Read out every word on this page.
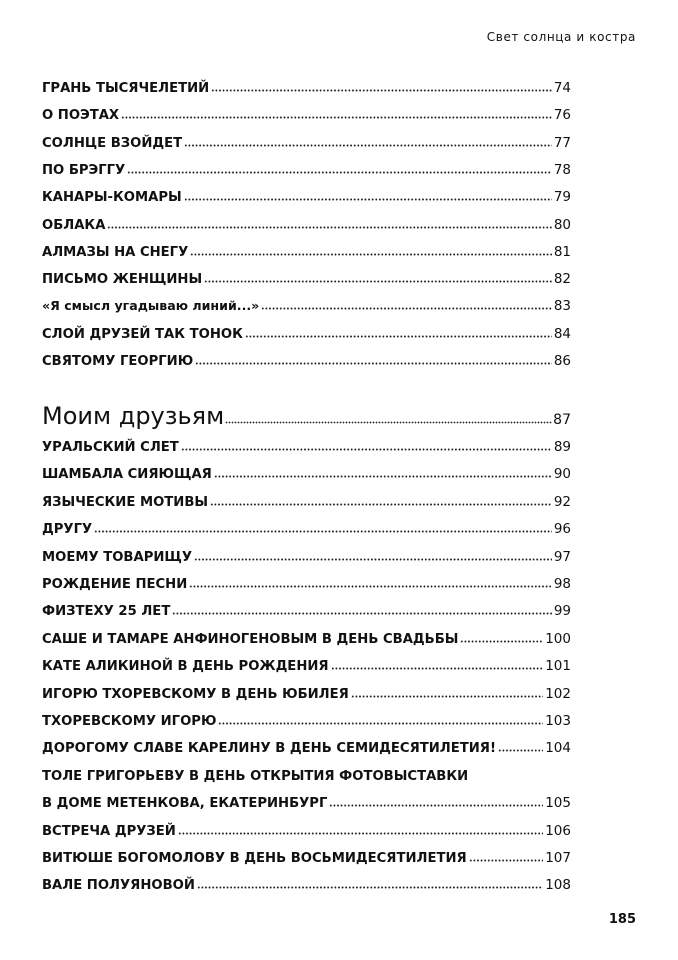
Свет солнца и костра
ГРАНЬ ТЫСЯЧЕЛЕТИЙ	74
О ПОЭТАХ	76
СОЛНЦЕ ВЗОЙДЕТ	77
ПО БРЭГГУ	78
КАНАРЫ-КОМАРЫ	79
ОБЛАКА	80
АЛМАЗЫ НА СНЕГУ	81
ПИСЬМО ЖЕНЩИНЫ	82
«Я смысл угадываю линий...»	83
СЛОЙ ДРУЗЕЙ ТАК ТОНОК	84
СВЯТОМУ ГЕОРГИЮ	86
Моим друзьям	87
УРАЛЬСКИЙ СЛЕТ	89
ШАМБАЛА СИЯЮЩАЯ	90
ЯЗЫЧЕСКИЕ МОТИВЫ	92
ДРУГУ	96
МОЕМУ ТОВАРИЩУ	97
РОЖДЕНИЕ ПЕСНИ	98
ФИЗТЕХУ 25 ЛЕТ	99
САШЕ И ТАМАРЕ АНФИНОГЕНОВЫМ В ДЕНЬ СВАДЬБЫ	100
КАТЕ АЛИКИНОЙ В ДЕНЬ РОЖДЕНИЯ	101
ИГОРЮ ТХОРЕВСКОМУ В ДЕНЬ ЮБИЛЕЯ	102
ТХОРЕВСКОМУ ИГОРЮ	103
ДОРОГОМУ СЛАВЕ КАРЕЛИНУ В ДЕНЬ СЕМИДЕСЯТИЛЕТИЯ!	104
ТОЛЕ ГРИГОРЬЕВУ В ДЕНЬ ОТКРЫТИЯ ФОТОВЫСТАВКИ
В ДОМЕ МЕТЕНКОВА, ЕКАТЕРИНБУРГ	105
ВСТРЕЧА ДРУЗЕЙ	106
ВИТЮШЕ БОГОМОЛОВУ В ДЕНЬ ВОСЬМИДЕСЯТИЛЕТИЯ	107
ВАЛЕ ПОЛУЯНОВОЙ	108
185
